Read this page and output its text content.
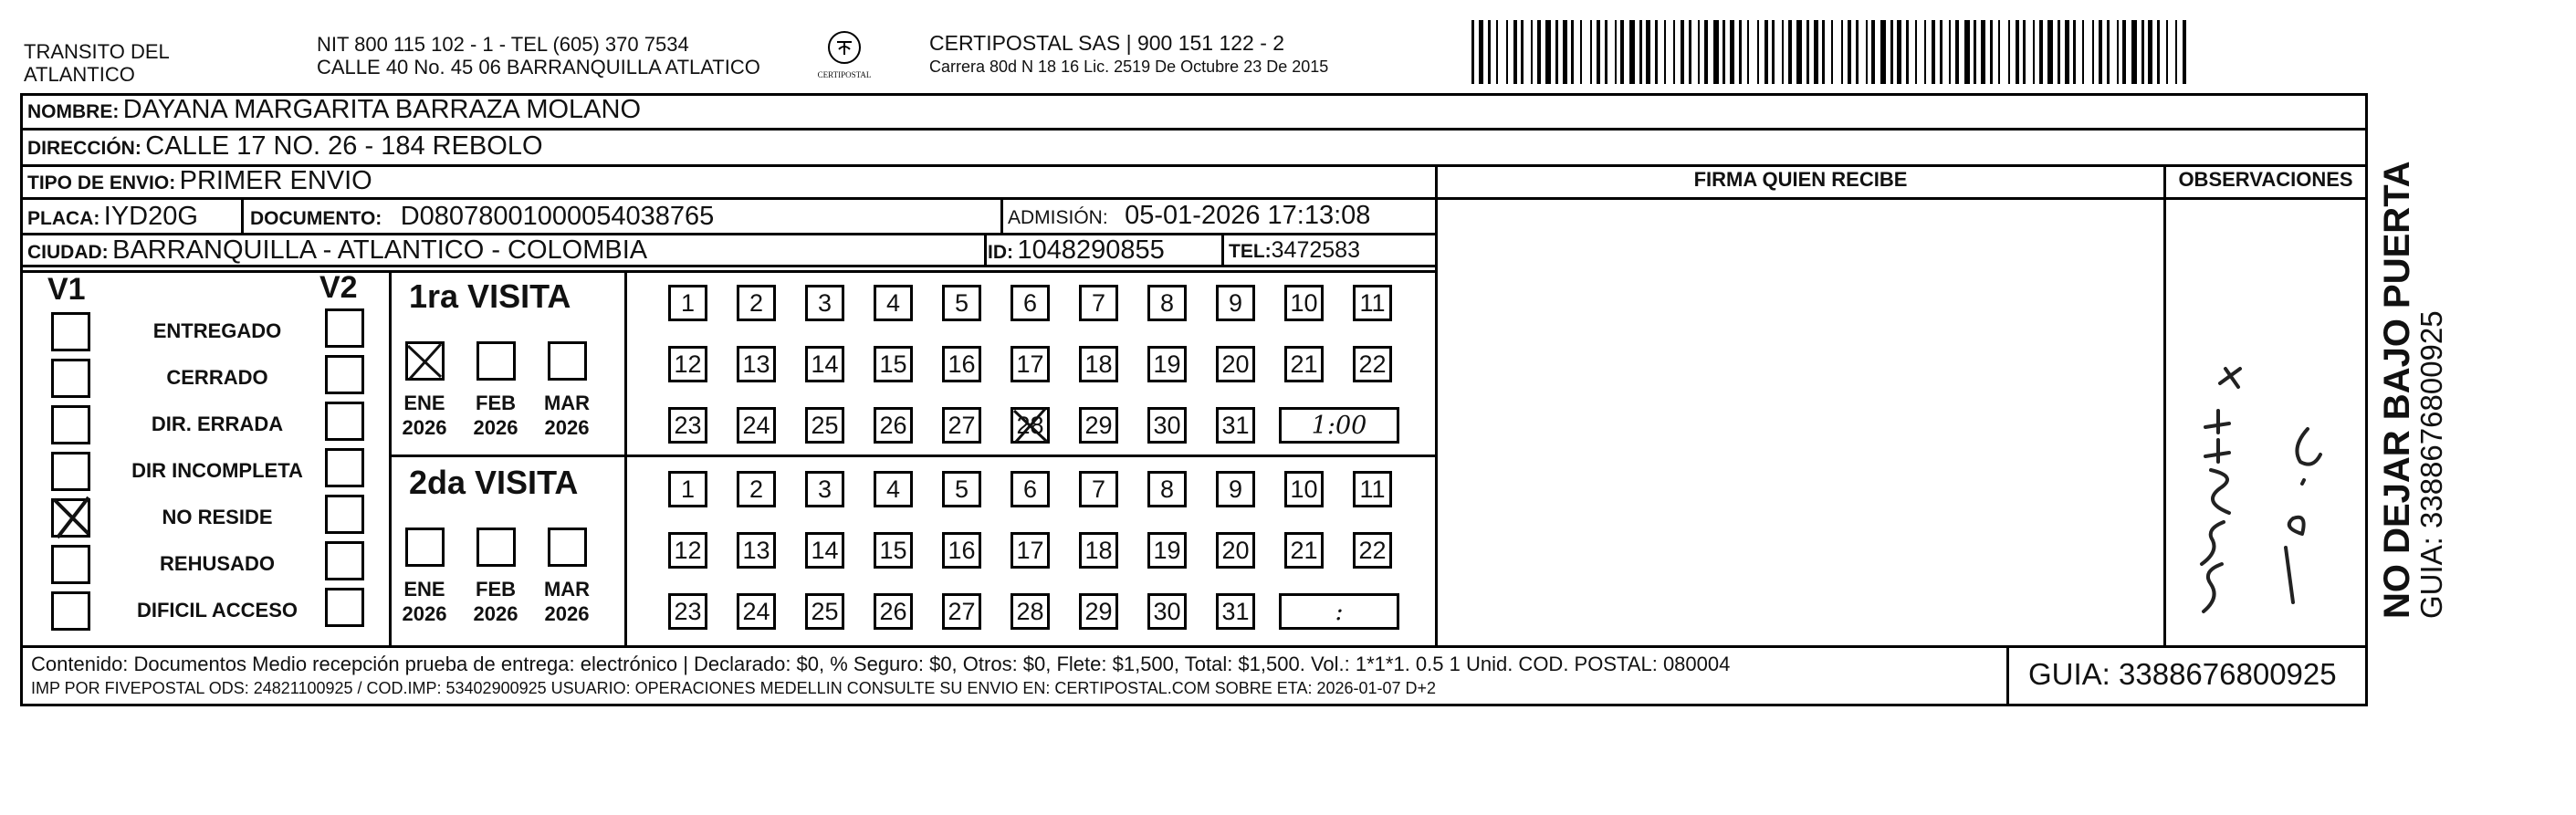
TRANSITO DEL
ATLANTICO
NIT 800 115 102 - 1 - TEL (605) 370 7534
CALLE 40 No. 45 06 BARRANQUILLA ATLATICO	CERTIPOSTAL
CERTIPOSTAL SAS | 900 151 122 - 2
Carrera 80d N 18 16 Lic. 2519 De Octubre 23 De 2015
NOMBRE: DAYANA MARGARITA BARRAZA MOLANO
DIRECCIÓN: CALLE 17 NO. 26 - 184 REBOLO
TIPO DE ENVIO: PRIMER ENVIO
PLACA: IYD20G	DOCUMENTO: D08078001000054038765	ADMISIÓN: 05-01-2026 17:13:08
CIUDAD: BARRANQUILLA - ATLANTICO - COLOMBIA	ID: 1048290855	TEL:3472583
FIRMA QUIEN RECIBE	OBSERVACIONES
V1	V2
ENTREGADO
CERRADO
DIR. ERRADA
DIR INCOMPLETA
NO RESIDE
REHUSADO
DIFICIL ACCESO
1ra VISITA
ENE
2026
FEB
2026
MAR
2026
1	2	3	4	5	6	7	8	9	10 11
12 13 14 15 16 17 18 19 20 21 22
23 24 25 26 27 28 29 30 31	1:00
2da VISITA
ENE
2026
FEB
2026
MAR
2026
1	2	3	4	5	6	7	8	9	10 11
12 13 14 15 16 17 18 19 20 21 22
23 24 25 26 27 28 29 30 31	:
Contenido: Documentos Medio recepción prueba de entrega: electrónico | Declarado: $0, % Seguro: $0, Otros: $0, Flete: $1,500, Total: $1,500. Vol.: 1*1*1. 0.5 1 Unid. COD. POSTAL: 080004
IMP POR FIVEPOSTAL ODS: 24821100925 / COD.IMP: 53402900925 USUARIO: OPERACIONES MEDELLIN CONSULTE SU ENVIO EN: CERTIPOSTAL.COM SOBRE ETA: 2026-01-07 D+2	GUIA: 3388676800925
NO DEJAR BAJO PUERTA
GUIA: 3388676800925
